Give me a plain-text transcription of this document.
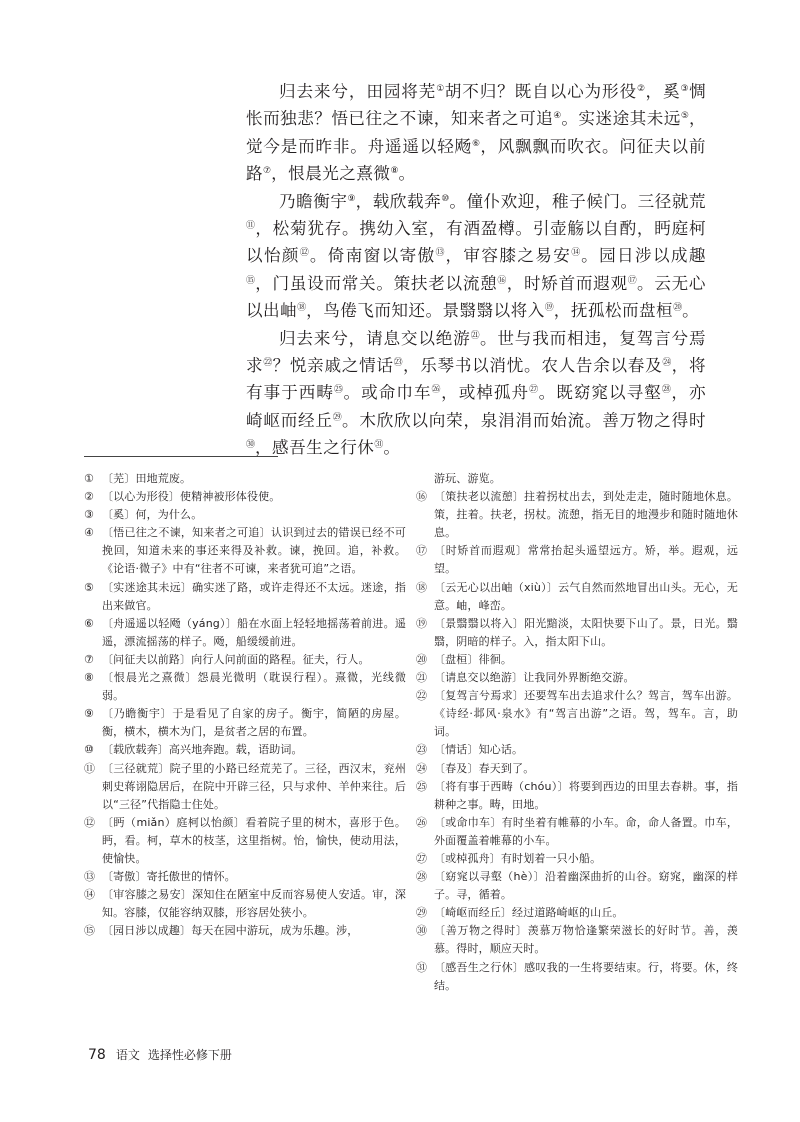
归去来兮，田园将芜①胡不归？既自以心为形役②，奚③惆怅而独悲？悟已往之不谏，知来者之可追④。实迷途其未远⑤，觉今是而昨非。舟遥遥以轻飏⑥，风飘飘而吹衣。问征夫以前路⑦，恨晨光之熹微⑧。

乃瞻衡宇⑨，载欣载奔⑩。僮仆欢迎，稚子候门。三径就荒⑪，松菊犹存。携幼入室，有酒盈樽。引壶觞以自酌，眄庭柯以怡颜⑫。倚南窗以寄傲⑬，审容膝之易安⑭。园日涉以成趣⑮，门虽设而常关。策扶老以流憩⑯，时矫首而遐观⑰。云无心以出岫⑱，鸟倦飞而知还。景翳翳以将入⑲，抚孤松而盘桓⑳。

归去来兮，请息交以绝游$^㉑$。世与我而相违，复驾言兮焉求$^㉒$？悦亲戚之情话$^㉓$，乐琴书以消忧。农人告余以春及$^㉔$，将有事于西畴$^㉕$。或命巾车$^㉖$，或棹孤舟$^㉗$。既窈窕以寻壑$^㉘$，亦崎岖而经丘$^㉙$。木欣欣以向荣，泉涓涓而始流。善万物之得时$^㉚$，感吾生之行休$^㉛$。

① 〔芜〕田地荒废。
② 〔以心为形役〕使精神被形体役使。
③ 〔奚〕何，为什么。
④ 〔悟已往之不谏，知来者之可追〕认识到过去的错误已经不可挽回，知道未来的事还来得及补救。谏，挽回。追，补救。《论语·微子》中有“往者不可谏，来者犹可追”之语。
⑤ 〔实迷途其未远〕确实迷了路，或许走得还不太远。迷途，指出来做官。
⑥ 〔舟遥遥以轻飏（yáng）〕船在水面上轻轻地摇荡着前进。遥遥，漂流摇荡的样子。飏，船缓缓前进。
⑦ 〔问征夫以前路〕向行人问前面的路程。征夫，行人。
⑧ 〔恨晨光之熹微〕怨晨光微明（耽误行程）。熹微，光线微弱。
⑨ 〔乃瞻衡宇〕于是看见了自家的房子。衡宇，简陋的房屋。衡，横木，横木为门，是贫者之居的布置。
⑩ 〔载欣载奔〕高兴地奔跑。载，语助词。
⑪ 〔三径就荒〕院子里的小路已经荒芜了。三径，西汉末，兖州刺史蒋诩隐居后，在院中开辟三径，只与求仲、羊仲来往。后以“三径”代指隐士住处。
⑫ 〔眄（miǎn）庭柯以怡颜〕看着院子里的树木，喜形于色。眄，看。柯，草木的枝茎，这里指树。怡，愉快，使动用法，使愉快。
⑬ 〔寄傲〕寄托傲世的情怀。
⑭ 〔审容膝之易安〕深知住在陋室中反而容易使人安适。审，深知。容膝，仅能容纳双膝，形容居处狭小。
⑮ 〔园日涉以成趣〕每天在园中游玩，成为乐趣。涉，
游玩、游览。
⑯ 〔策扶老以流憩〕拄着拐杖出去，到处走走，随时随地休息。策，拄着。扶老，拐杖。流憩，指无目的地漫步和随时随地休息。
⑰ 〔时矫首而遐观〕常常抬起头遥望远方。矫，举。遐观，远望。
⑱ 〔云无心以出岫（xiù）〕云气自然而然地冒出山头。无心，无意。岫，峰峦。
⑲ 〔景翳翳以将入〕阳光黯淡，太阳快要下山了。景，日光。翳翳，阴暗的样子。入，指太阳下山。
⑳ 〔盘桓〕徘徊。
㉑ 〔请息交以绝游〕让我同外界断绝交游。
㉒ 〔复驾言兮焉求〕还要驾车出去追求什么？驾言，驾车出游。《诗经·邶风·泉水》有“驾言出游”之语。驾，驾车。言，助词。
㉓ 〔情话〕知心话。
㉔ 〔春及〕春天到了。
㉕ 〔将有事于西畴（chóu）〕将要到西边的田里去春耕。事，指耕种之事。畴，田地。
㉖ 〔或命巾车〕有时坐着有帷幕的小车。命，命人备置。巾车，外面覆盖着帷幕的小车。
㉗ 〔或棹孤舟〕有时划着一只小船。
㉘ 〔窈窕以寻壑（hè）〕沿着幽深曲折的山谷。窈窕，幽深的样子。寻，循着。
㉙ 〔崎岖而经丘〕经过道路崎岖的山丘。
㉚ 〔善万物之得时〕羡慕万物恰逢繁荣滋长的好时节。善，羡慕。得时，顺应天时。
㉛ 〔感吾生之行休〕感叹我的一生将要结束。行，将要。休，终结。
78 语文 选择性必修下册
